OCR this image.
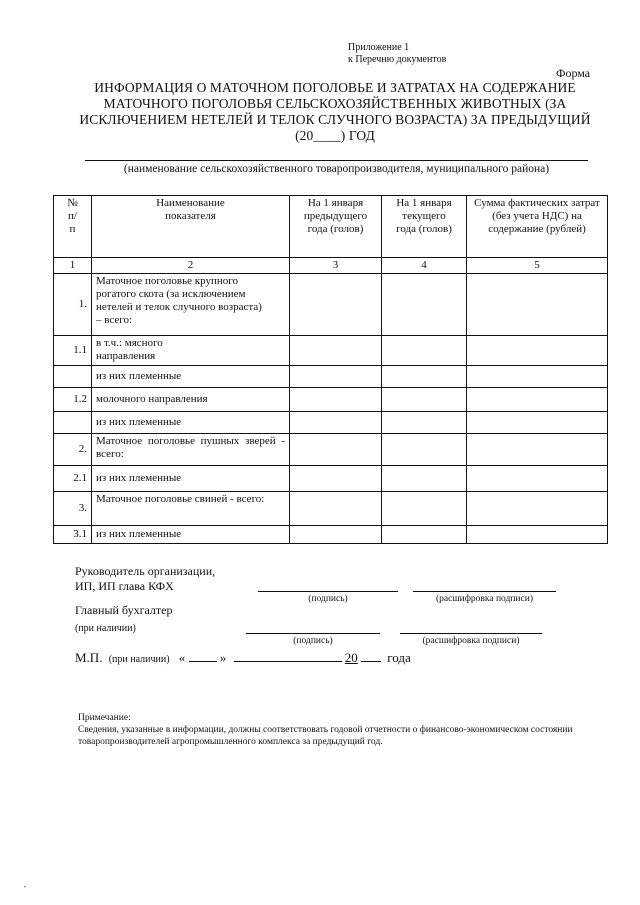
Приложение 1
к Перечню документов
Форма
ИНФОРМАЦИЯ О МАТОЧНОМ ПОГОЛОВЬЕ И ЗАТРАТАХ НА СОДЕРЖАНИЕ
МАТОЧНОГО ПОГОЛОВЬЯ СЕЛЬСКОХОЗЯЙСТВЕННЫХ ЖИВОТНЫХ (ЗА
ИСКЛЮЧЕНИЕМ НЕТЕЛЕЙ И ТЕЛОК СЛУЧНОГО ВОЗРАСТА) ЗА ПРЕДЫДУЩИЙ
(20____) ГОД
(наименование сельскохозяйственного товаропроизводителя, муниципального района)
№ п/п	Наименование показателя	На 1 января предыдущего года (голов)	На 1 января текущего года (голов)	Сумма фактических затрат (без учета НДС) на содержание (рублей)
1	2	3	4	5
1.	Маточное поголовье крупного рогатого скота (за исключением нетелей и телок случного возраста) – всего:			
1.1	в т.ч.: мясного направления			
	из них племенные			
1.2	молочного направления			
	из них племенные			
2.	Маточное поголовье пушных зверей - всего:			
2.1	из них племенные			
3.	Маточное поголовье свиней - всего:			
3.1	из них племенные			
Руководитель организации,
ИП, ИП глава КФХ
(подпись)	(расшифровка подписи)
Главный бухгалтер
(при наличии)
(подпись)	(расшифровка подписи)
М.П. (при наличии) «	»	20 года
Примечание:
Сведения, указанные в информации, должны соответствовать годовой отчетности о финансово-экономическом состоянии товаропроизводителей агропромышленного комплекса за предыдущий год.
"
